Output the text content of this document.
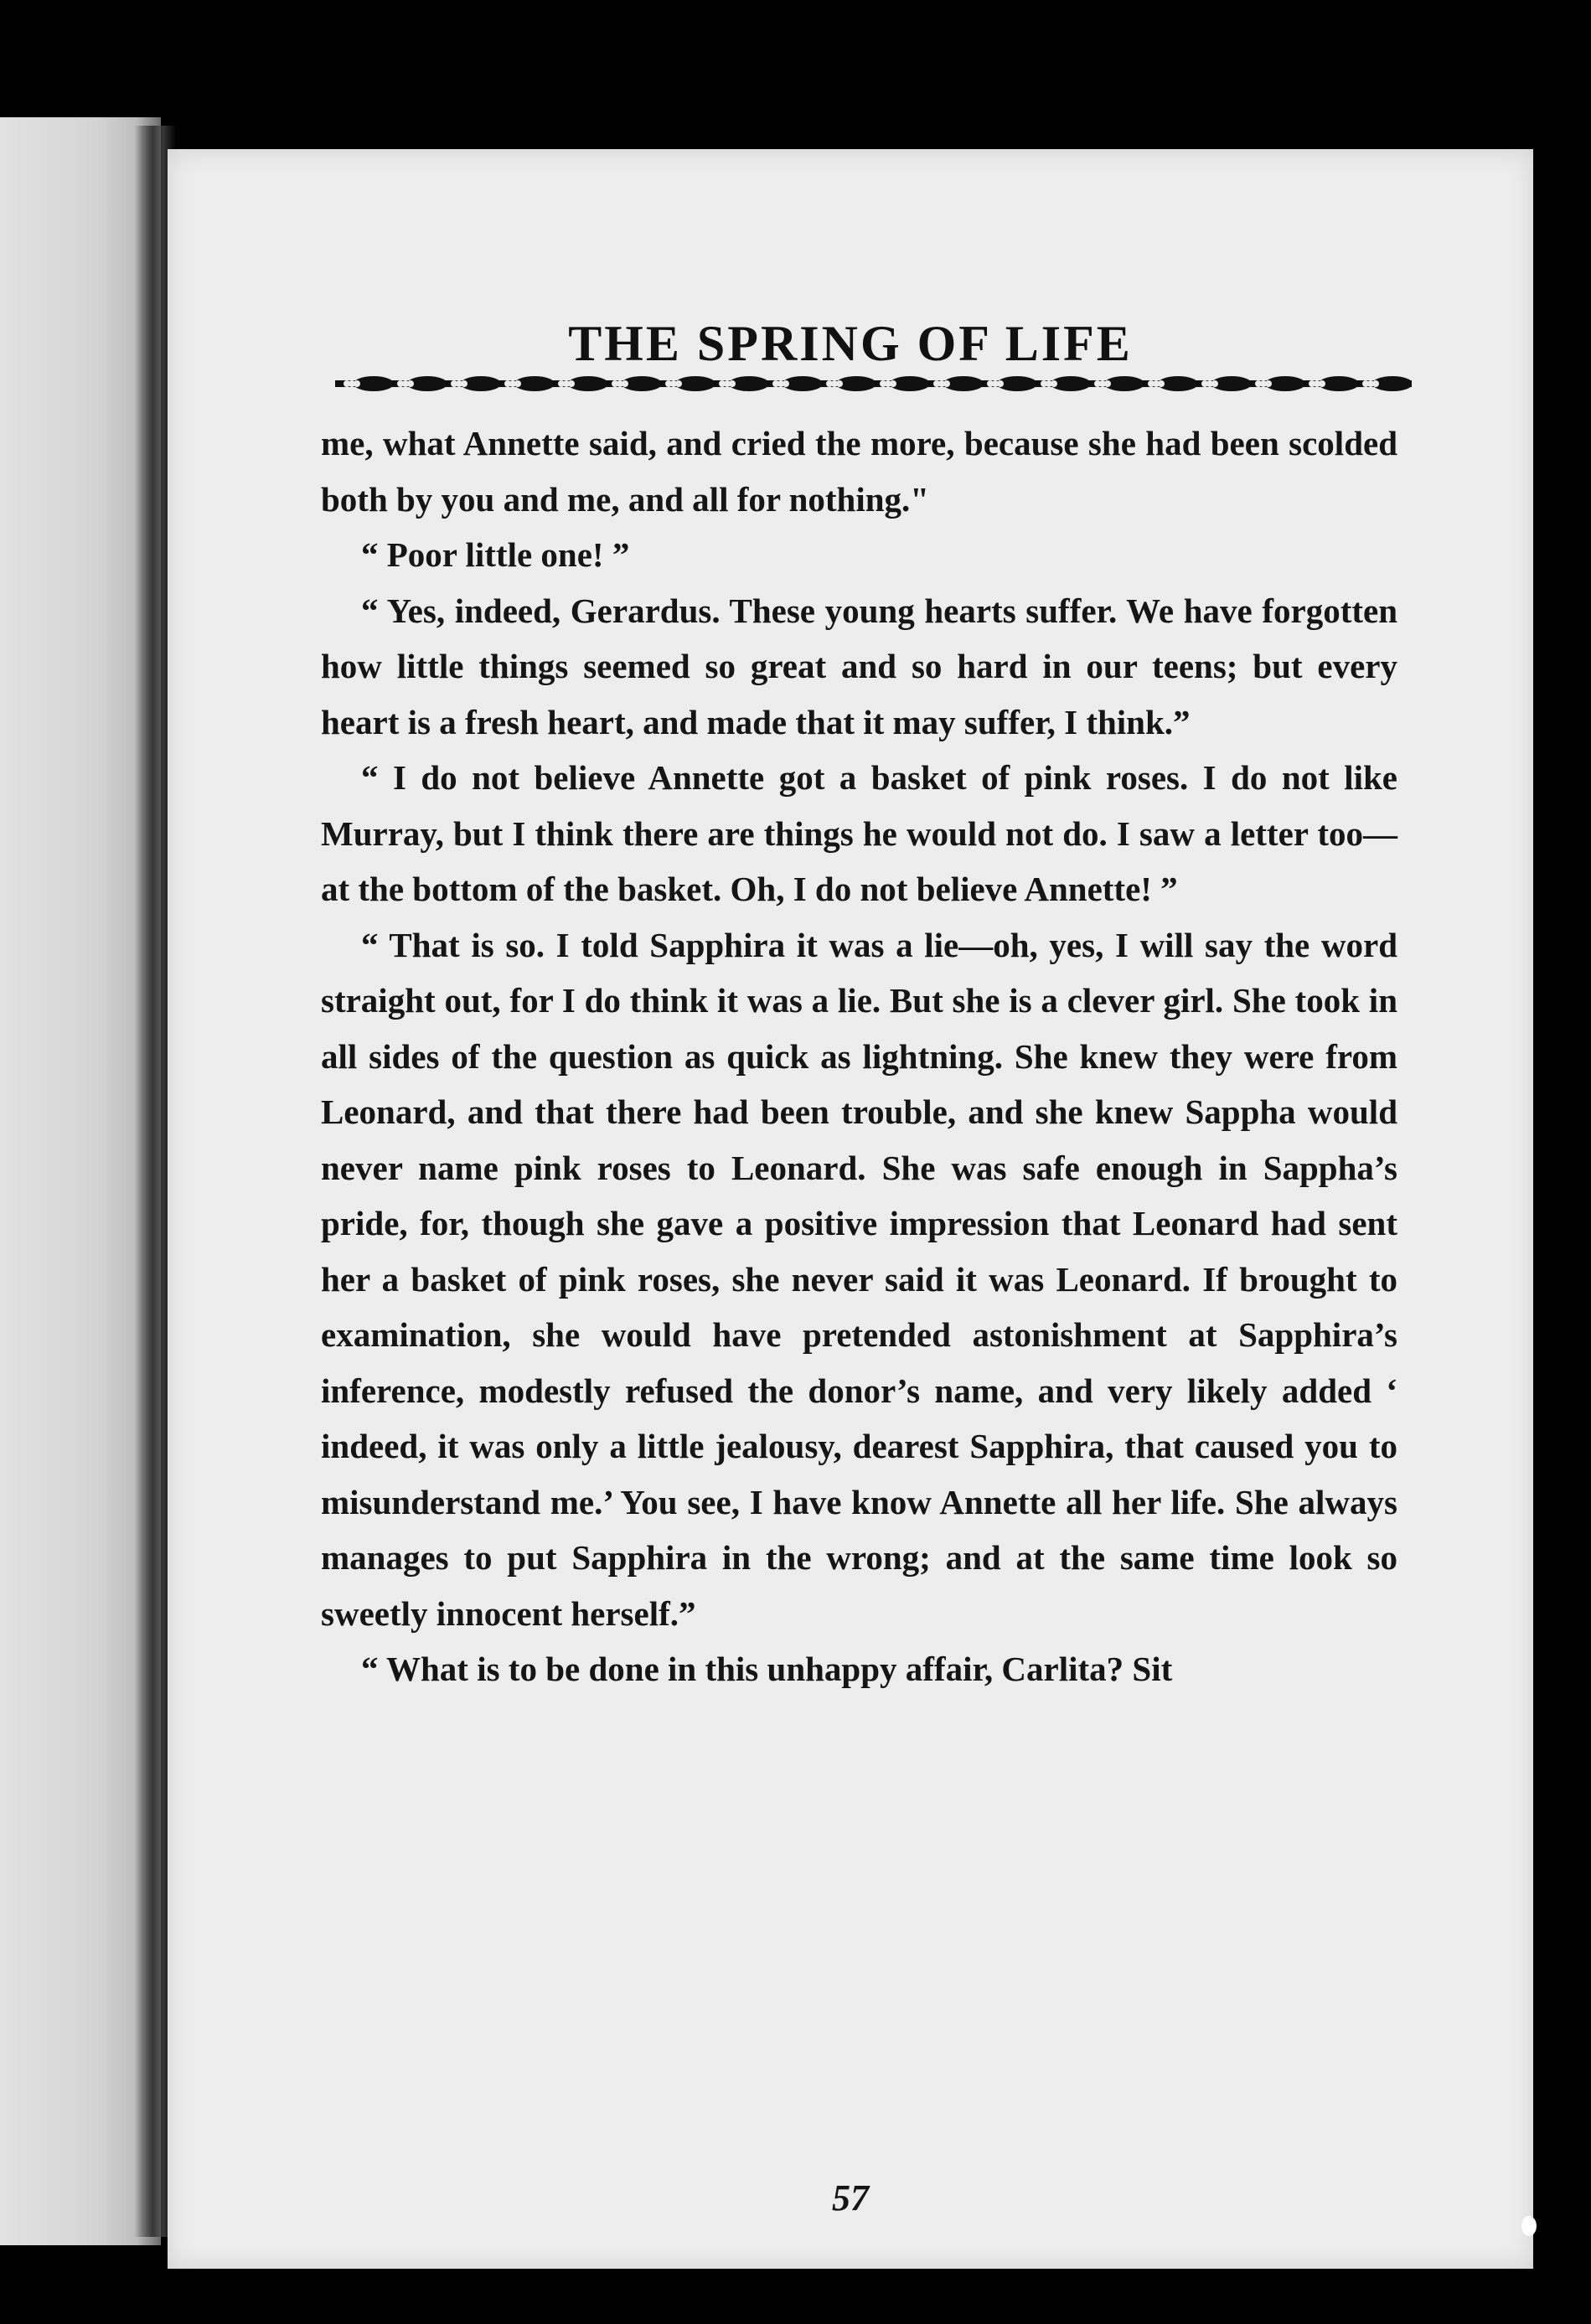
THE SPRING OF LIFE

me, what Annette said, and cried the more, because she had been scolded both by you and me, and all for nothing."

“ Poor little one! ”

“ Yes, indeed, Gerardus. These young hearts suffer. We have forgotten how little things seemed so great and so hard in our teens; but every heart is a fresh heart, and made that it may suffer, I think.”

“ I do not believe Annette got a basket of pink roses. I do not like Murray, but I think there are things he would not do. I saw a letter too—at the bottom of the basket. Oh, I do not believe Annette! ”

“ That is so. I told Sapphira it was a lie—oh, yes, I will say the word straight out, for I do think it was a lie. But she is a clever girl. She took in all sides of the question as quick as lightning. She knew they were from Leonard, and that there had been trouble, and she knew Sappha would never name pink roses to Leonard. She was safe enough in Sappha’s pride, for, though she gave a positive impression that Leonard had sent her a basket of pink roses, she never said it was Leonard. If brought to examination, she would have pretended astonishment at Sapphira’s inference, modestly refused the donor’s name, and very likely added ‘ indeed, it was only a little jealousy, dearest Sapphira, that caused you to misunderstand me.’ You see, I have know Annette all her life. She always manages to put Sapphira in the wrong; and at the same time look so sweetly innocent herself.”

“ What is to be done in this unhappy affair, Carlita? Sit

57
